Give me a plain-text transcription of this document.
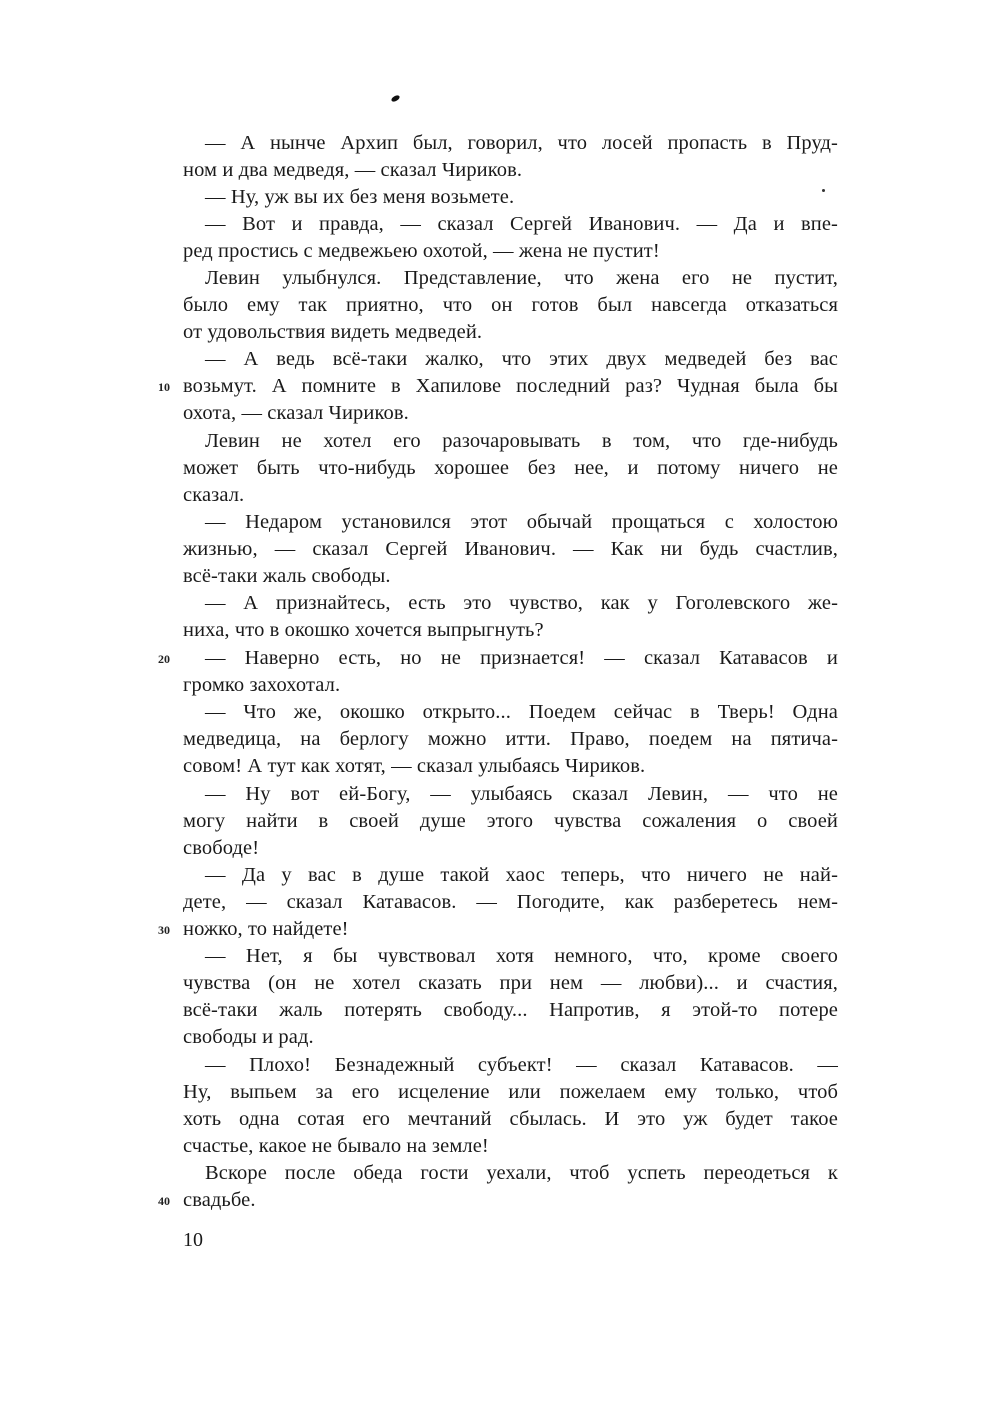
— А нынче Архип был, говорил, что лосей пропасть в Пруд-
ном и два медведя, — сказал Чириков.
— Ну, уж вы их без меня возьмете.
— Вот и правда, — сказал Сергей Иванович. — Да и впе-
ред простись с медвежьею охотой, — жена не пустит!
Левин улыбнулся. Представление, что жена его не пустит,
было ему так приятно, что он готов был навсегда отказаться
от удовольствия видеть медведей.
— А ведь всё-таки жалко, что этих двух медведей без вас
возьмут. А помните в Хапилове последний раз? Чудная была бы
охота, — сказал Чириков.
Левин не хотел его разочаровывать в том, что где-нибудь
может быть что-нибудь хорошее без нее, и потому ничего не
сказал.
— Недаром установился этот обычай прощаться с холостою
жизнью, — сказал Сергей Иванович. — Как ни будь счастлив,
всё-таки жаль свободы.
— А признайтесь, есть это чувство, как у Гоголевского же-
ниха, что в окошко хочется выпрыгнуть?
— Наверно есть, но не признается! — сказал Катавасов и
громко захохотал.
— Что же, окошко открыто... Поедем сейчас в Тверь! Одна
медведица, на берлогу можно итти. Право, поедем на пятича-
совом! А тут как хотят, — сказал улыбаясь Чириков.
— Ну вот ей-Богу, — улыбаясь сказал Левин, — что не
могу найти в своей душе этого чувства сожаления о своей
свободе!
— Да у вас в душе такой хаос теперь, что ничего не най-
дете, — сказал Катавасов. — Погодите, как разберетесь нем-
ножко, то найдете!
— Нет, я бы чувствовал хотя немного, что, кроме своего
чувства (он не хотел сказать при нем — любви)... и счастия,
всё-таки жаль потерять свободу... Напротив, я этой-то потере
свободы и рад.
— Плохо! Безнадежный субъект! — сказал Катавасов. —
Ну, выпьем за его исцеление или пожелаем ему только, чтоб
хоть одна сотая его мечтаний сбылась. И это уж будет такое
счастье, какое не бывало на земле!
Вскоре после обеда гости уехали, чтоб успеть переодеться к
свадьбе.
10
20
30
40
10
